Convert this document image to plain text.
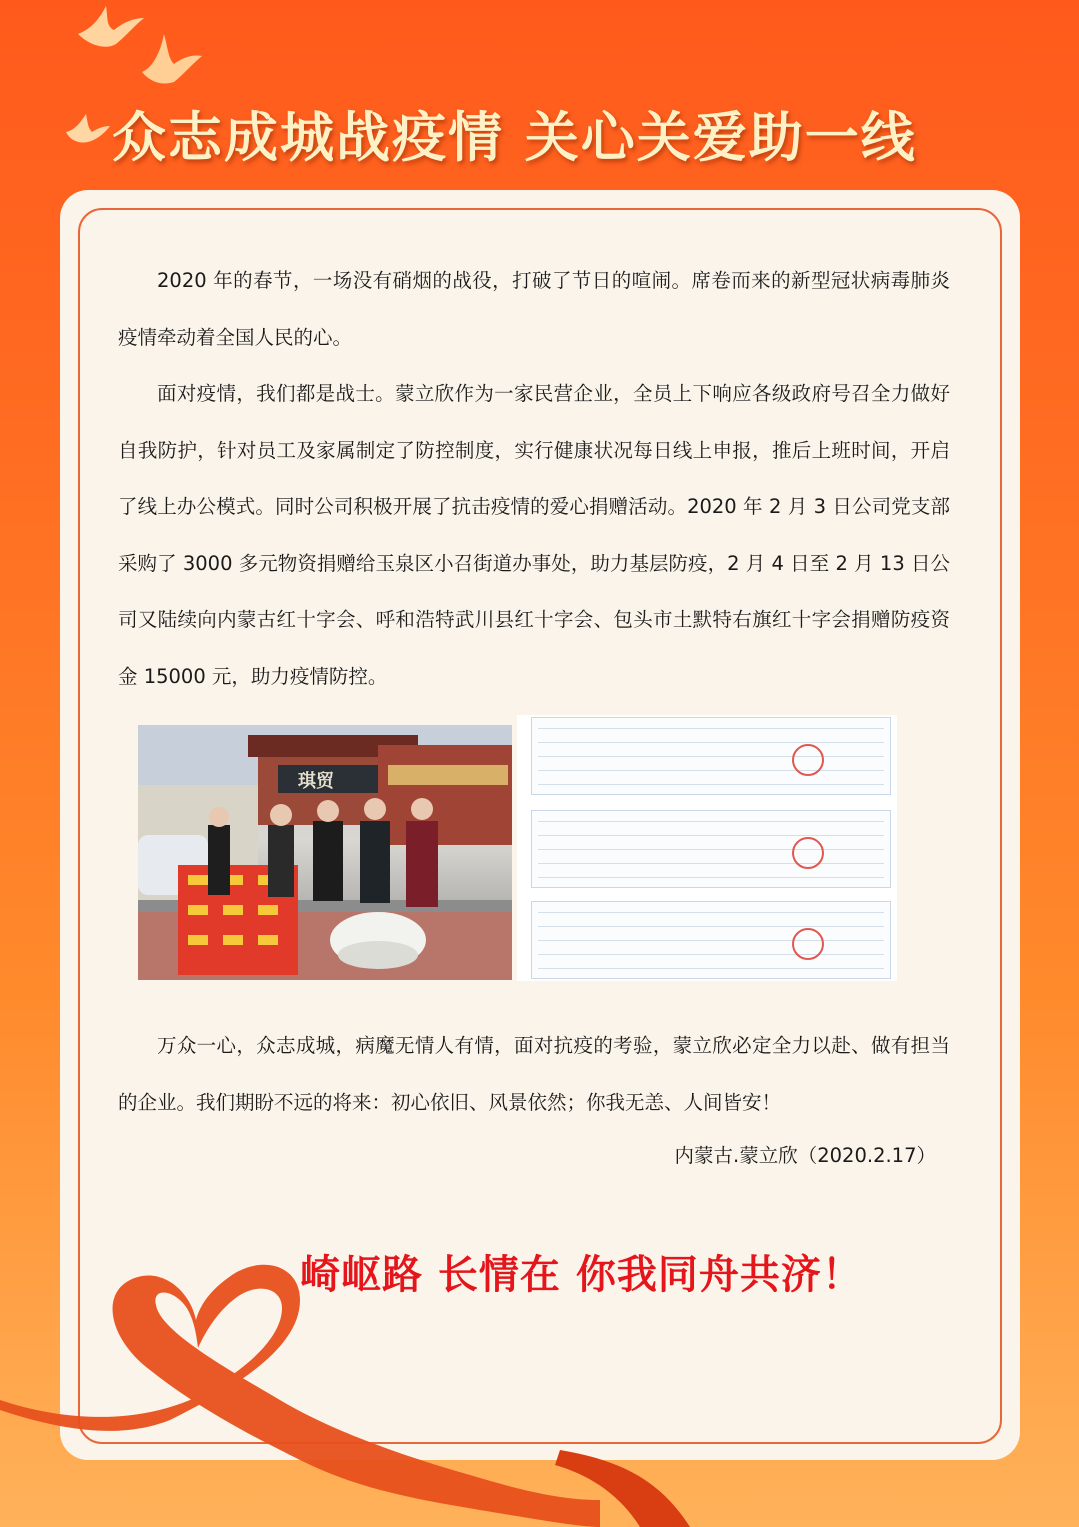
众志成城战疫情 关心关爱助一线

2020 年的春节，一场没有硝烟的战役，打破了节日的喧闹。席卷而来的新型冠状病毒肺炎疫情牵动着全国人民的心。

面对疫情，我们都是战士。蒙立欣作为一家民营企业，全员上下响应各级政府号召全力做好自我防护，针对员工及家属制定了防控制度，实行健康状况每日线上申报，推后上班时间，开启了线上办公模式。同时公司积极开展了抗击疫情的爱心捐赠活动。2020 年 2 月 3 日公司党支部采购了 3000 多元物资捐赠给玉泉区小召街道办事处，助力基层防疫，2 月 4 日至 2 月 13 日公司又陆续向内蒙古红十字会、呼和浩特武川县红十字会、包头市土默特右旗红十字会捐赠防疫资金 15000 元，助力疫情防控。

琪贸

万众一心，众志成城，病魔无情人有情，面对抗疫的考验，蒙立欣必定全力以赴、做有担当的企业。我们期盼不远的将来：初心依旧、风景依然；你我无恙、人间皆安！

内蒙古.蒙立欣（2020.2.17）
崎岖路 长情在 你我同舟共济！
